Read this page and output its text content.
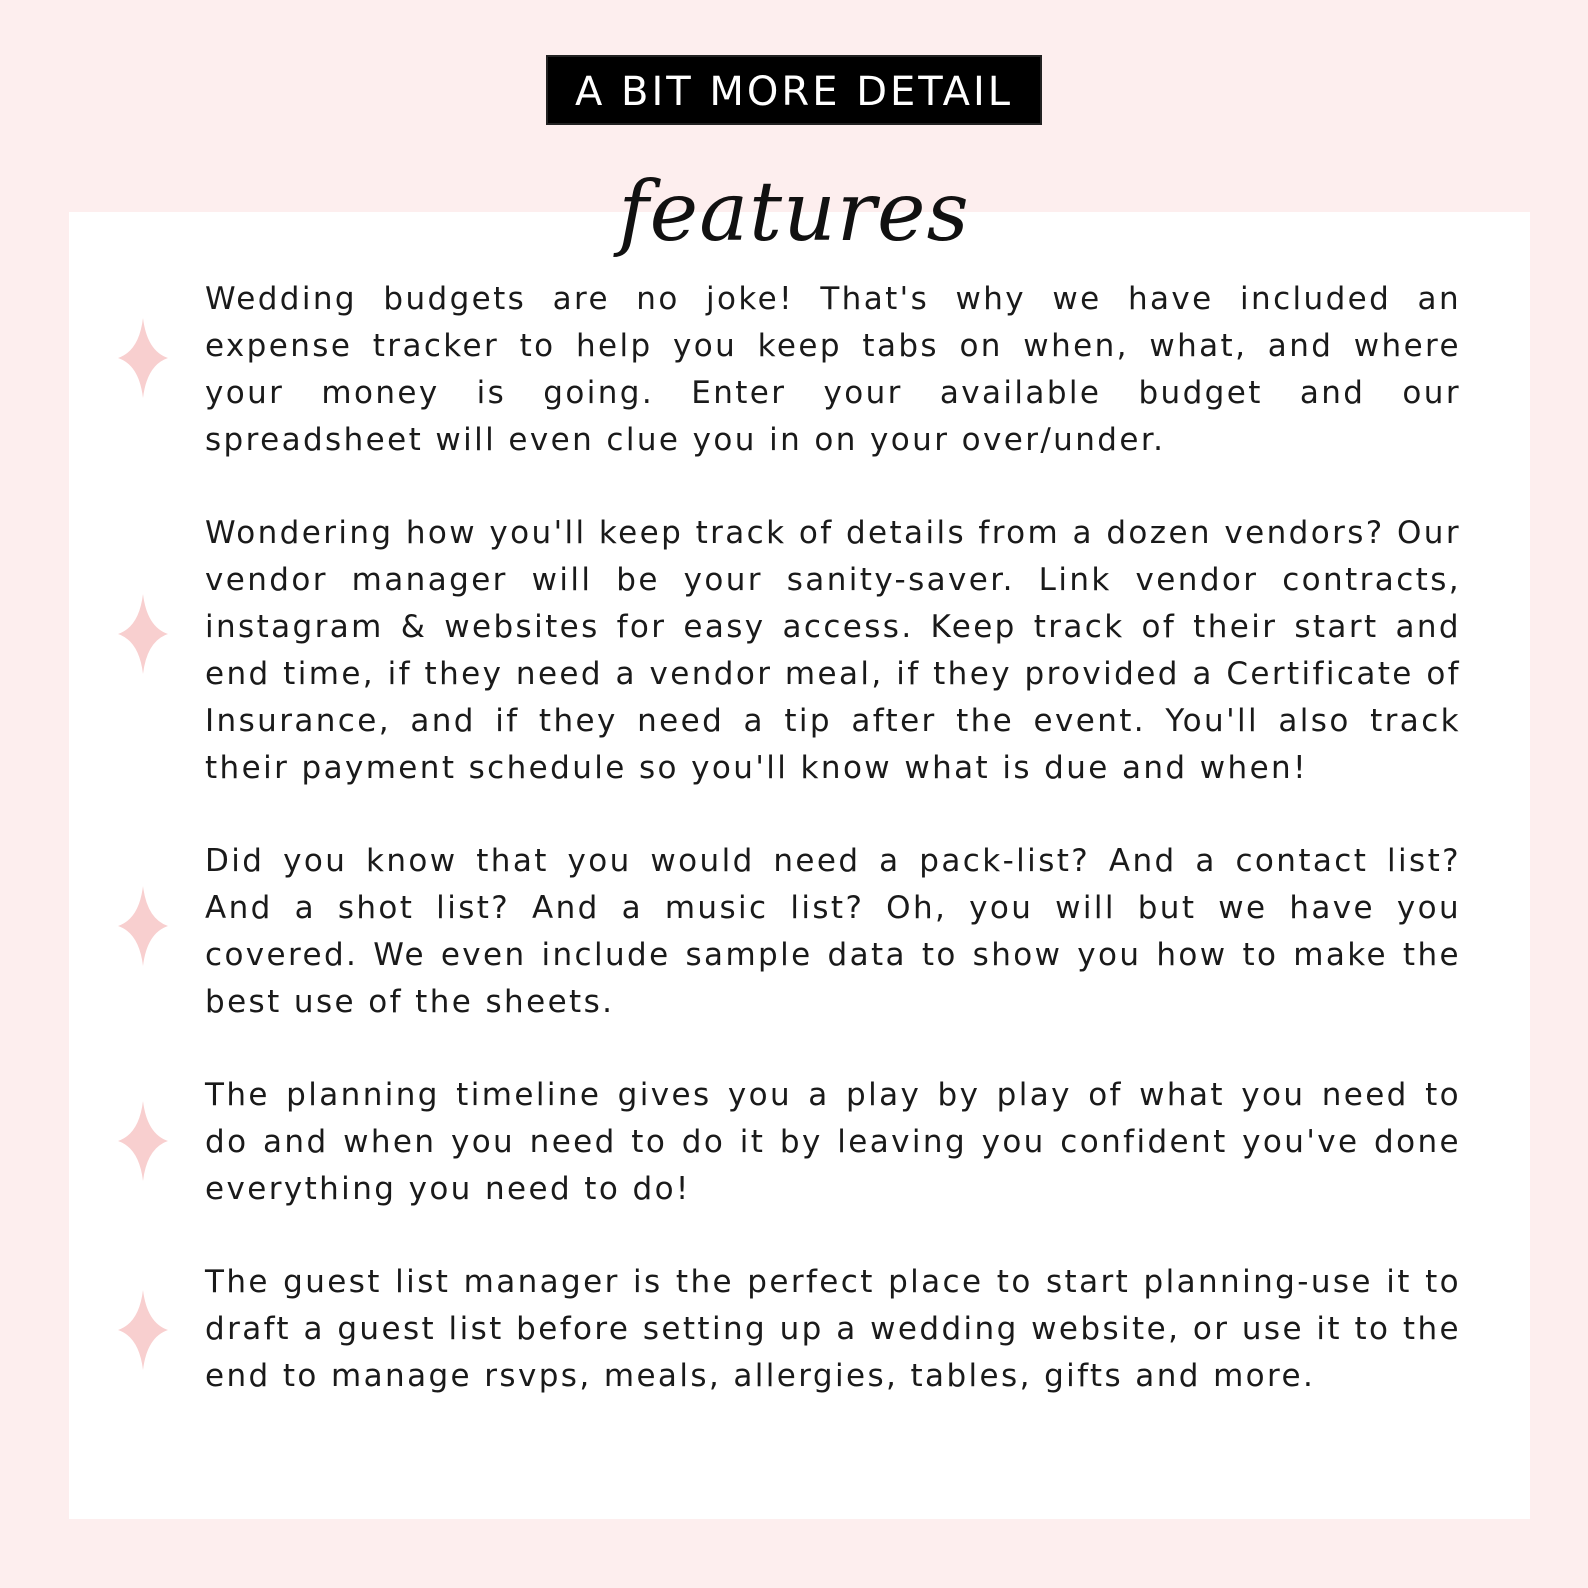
A BIT MORE DETAIL
features

Wedding budgets are no joke! That's why we have included an expense tracker to help you keep tabs on when, what, and where your money is going. Enter your available budget and our spreadsheet will even clue you in on your over/under.

Wondering how you'll keep track of details from a dozen vendors? Our vendor manager will be your sanity-saver. Link vendor contracts, instagram & websites for easy access. Keep track of their start and end time, if they need a vendor meal, if they provided a Certificate of Insurance, and if they need a tip after the event. You'll also track their payment schedule so you'll know what is due and when!

Did you know that you would need a pack-list? And a contact list? And a shot list? And a music list? Oh, you will but we have you covered. We even include sample data to show you how to make the best use of the sheets.

The planning timeline gives you a play by play of what you need to do and when you need to do it by leaving you confident you've done everything you need to do!

The guest list manager is the perfect place to start planning-use it to draft a guest list before setting up a wedding website, or use it to the end to manage rsvps, meals, allergies, tables, gifts and more.
